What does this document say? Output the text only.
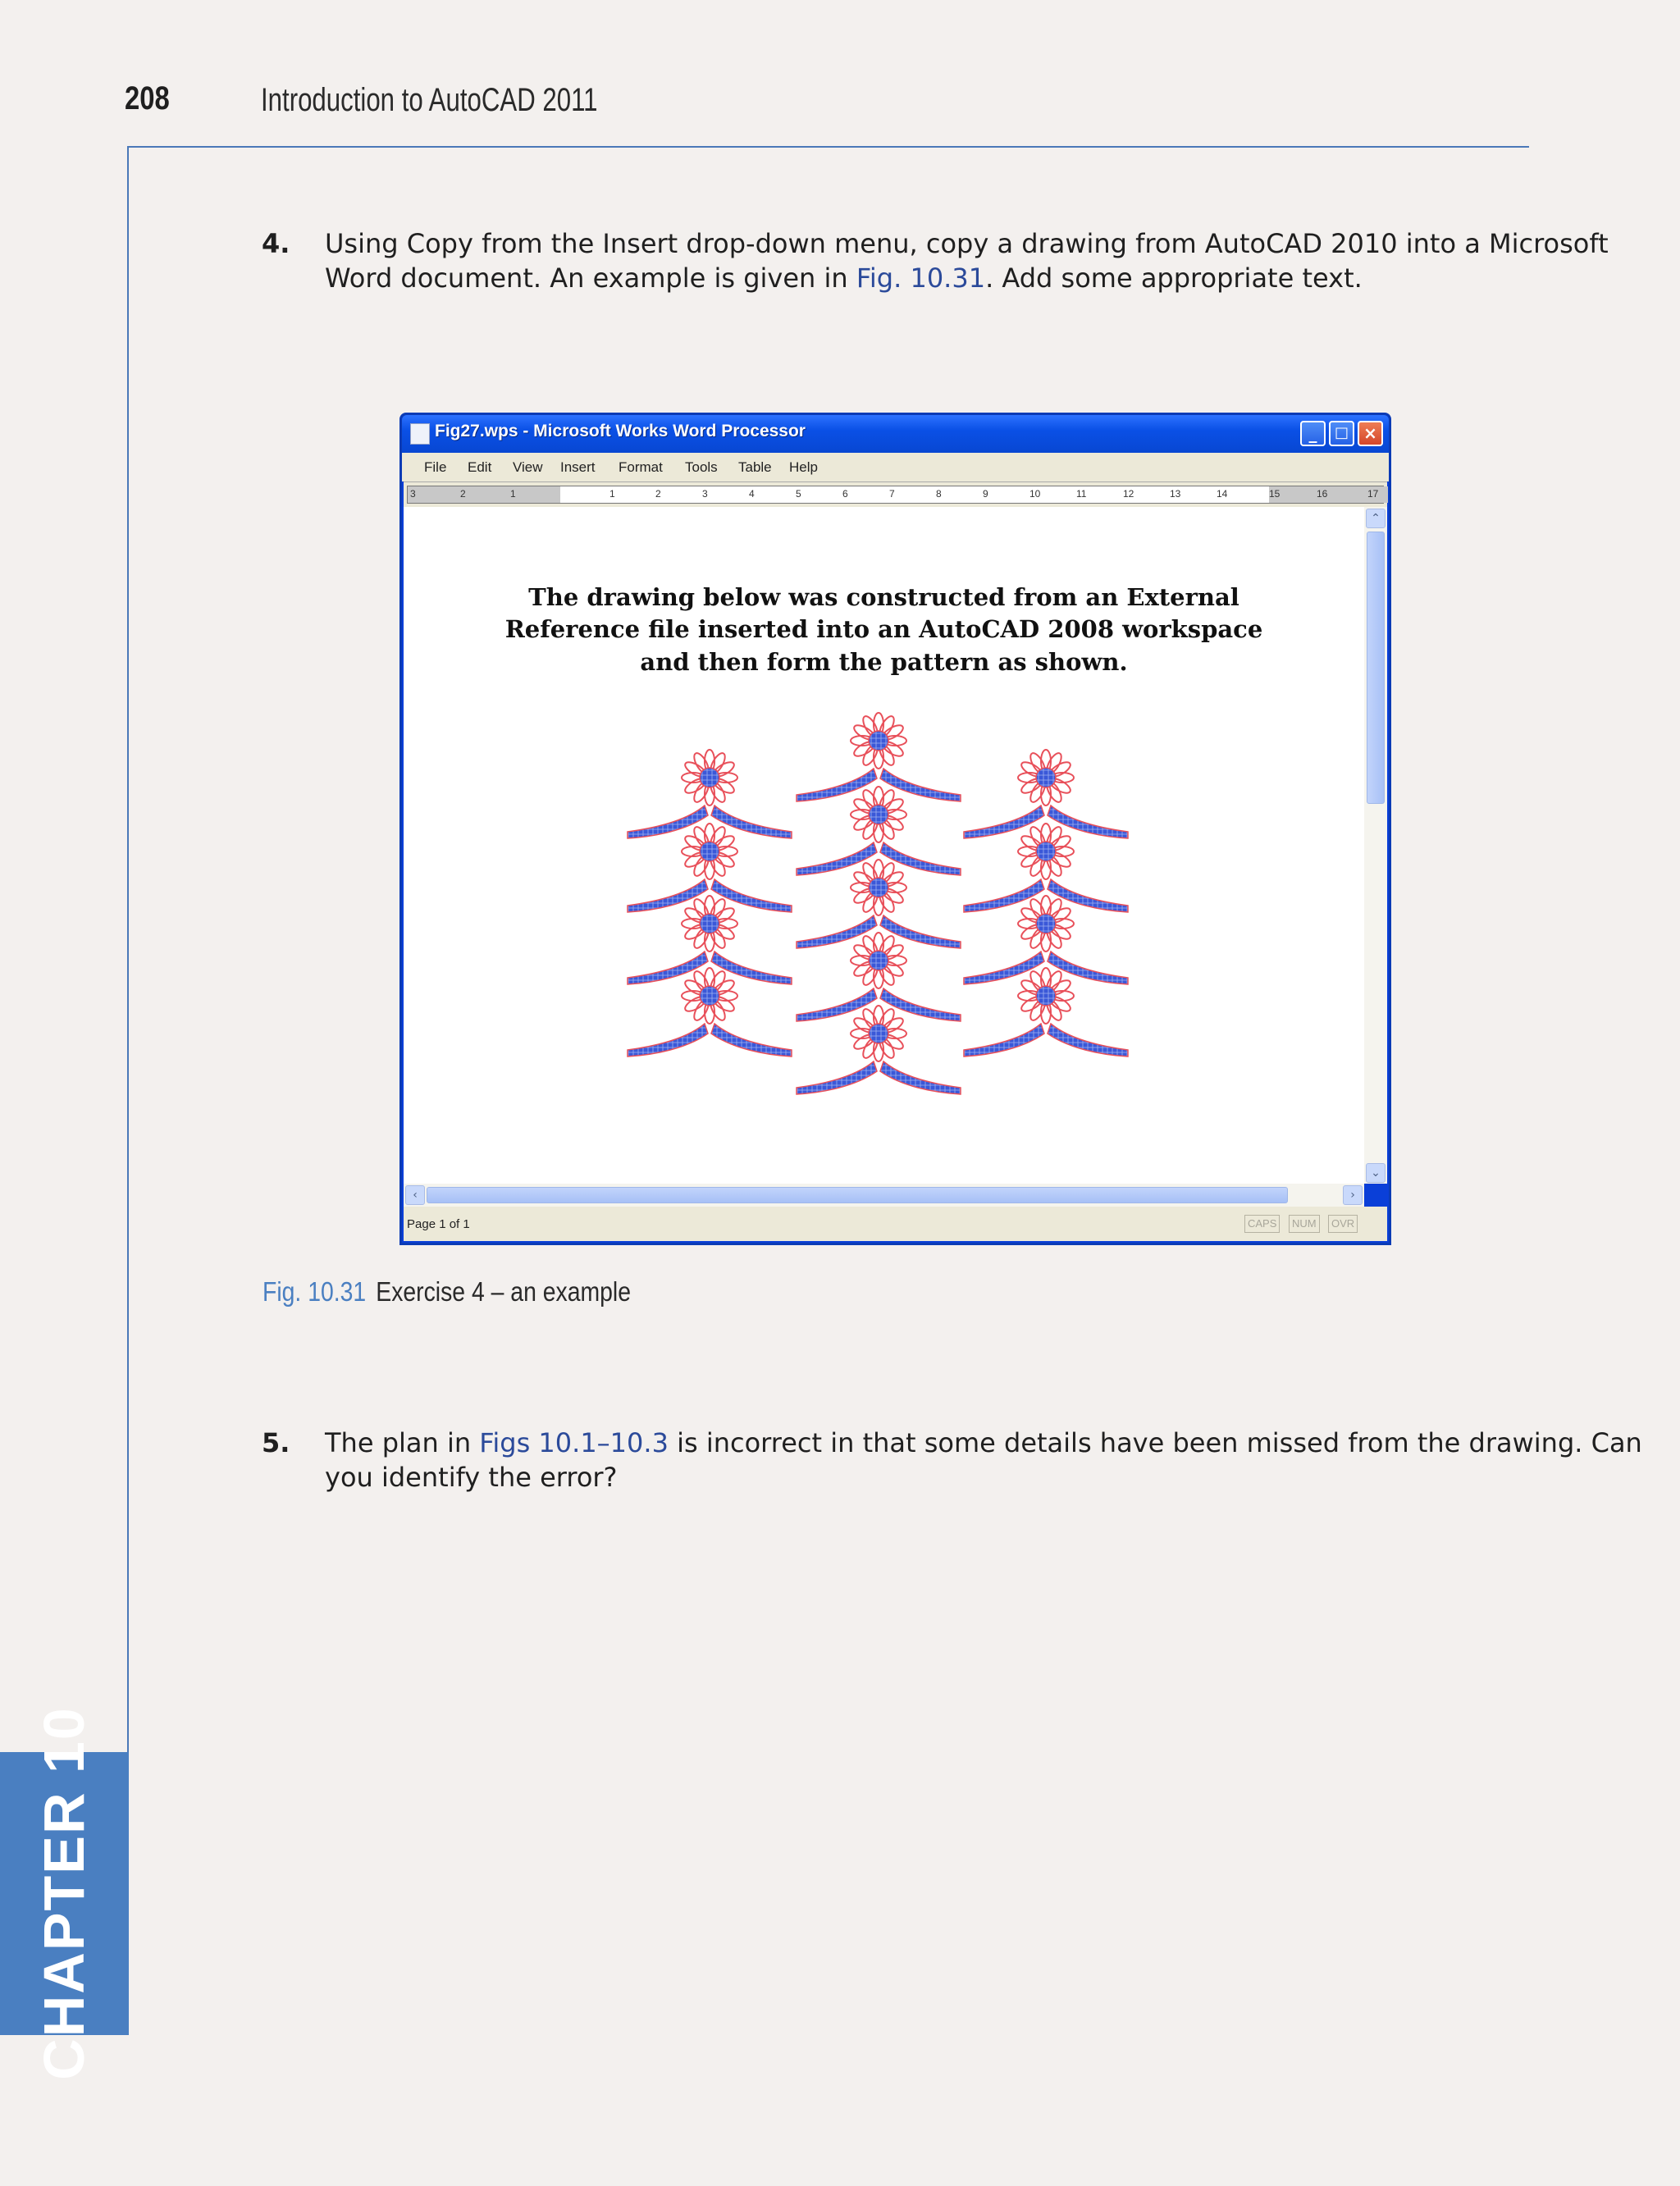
208	Introduction to AutoCAD 2011
4. Using Copy from the Insert drop-down menu, copy a drawing from AutoCAD 2010 into a Microsoft
Word document. An example is given in Fig. 10.31. Add some appropriate text.
Fig27.wps - Microsoft Works Word Processor	_	□ ×
File Edit View Insert Format Tools Table Help
3	2	1	1	2	3	4	5	6	7	8	9	10	11	12	13	14	15	16	17
The drawing below was constructed from an External
Reference file inserted into an AutoCAD 2008 workspace
and then form the pattern as shown.
⌃
⌄
‹	›
Page 1 of 1	CAPS	NUM	OVR
Fig. 10.31 Exercise 4 – an example
5. The plan in Figs 10.1–10.3 is incorrect in that some details have been missed from the drawing. Can
you identify the error?
CHAPTER 10
